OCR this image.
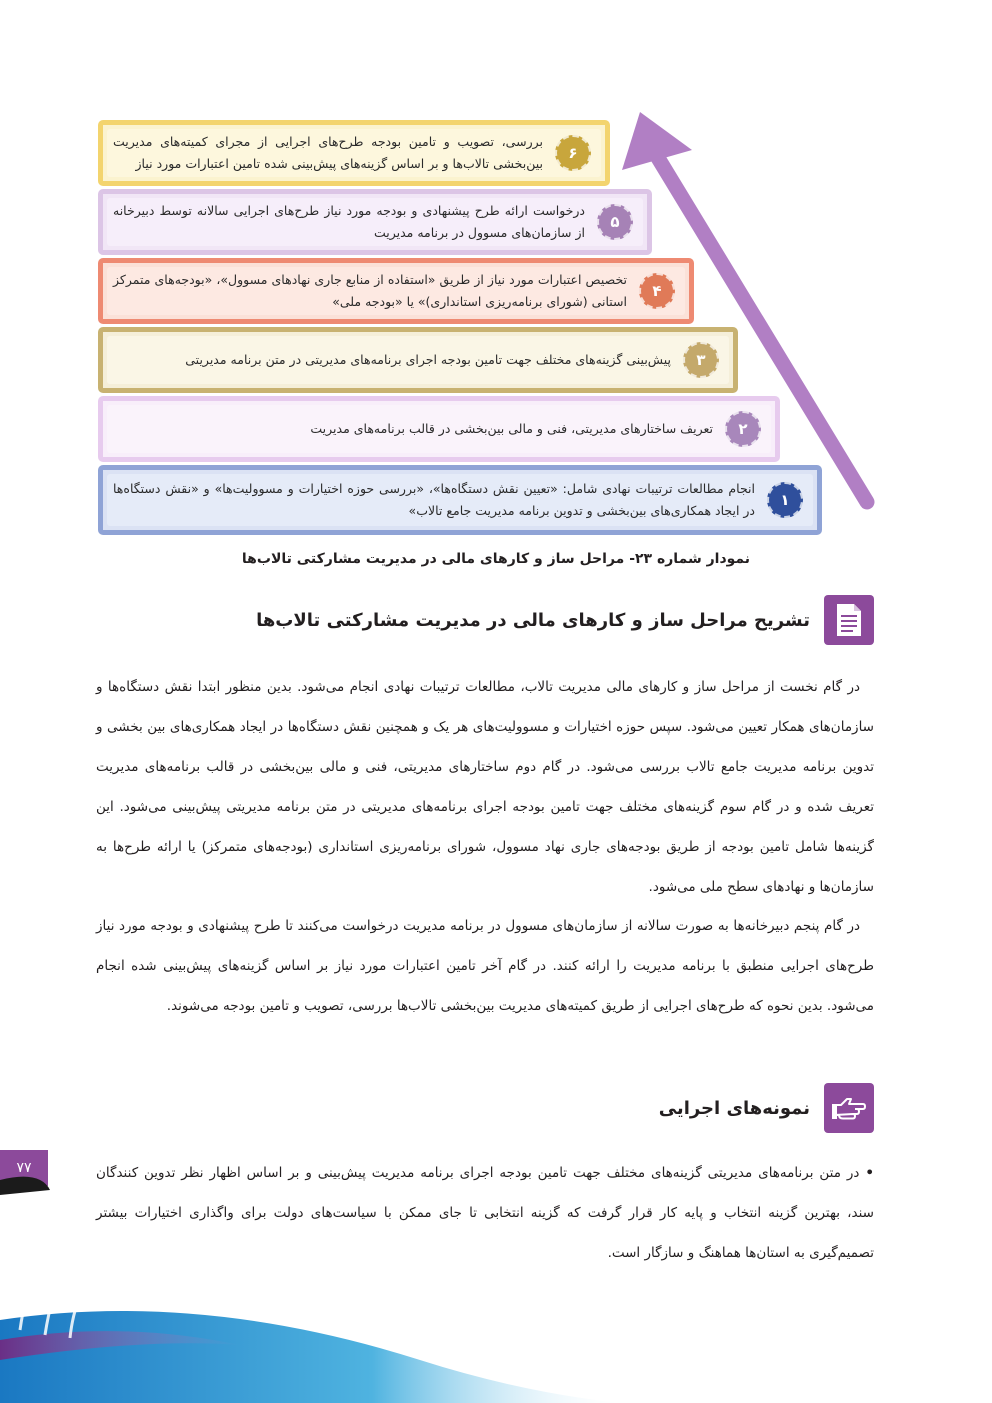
۶
بررسی، تصویب و تامین بودجه طرح‌های اجرایی از مجرای کمیته‌های مدیریت بین‌بخشی تالاب‌ها و بر اساس گزینه‌های پیش‌بینی شده تامین اعتبارات مورد نیاز
۵
درخواست ارائه طرح پیشنهادی و بودجه مورد نیاز طرح‌های اجرایی سالانه توسط دبیرخانه از سازمان‌های مسوول در برنامه مدیریت
۴
تخصیص اعتبارات مورد نیاز از طریق «استفاده از منابع جاری نهادهای مسوول»، «بودجه‌های متمرکز استانی (شورای برنامه‌ریزی استانداری)» یا «بودجه ملی»
۳
پیش‌بینی گزینه‌های مختلف جهت تامین بودجه اجرای برنامه‌های مدیریتی در متن برنامه مدیریتی
۲
تعریف ساختارهای مدیریتی، فنی و مالی بین‌بخشی در قالب برنامه‌های مدیریت
۱
انجام مطالعات ترتیبات نهادی شامل: «تعیین نقش دستگاه‌ها»، «بررسی حوزه اختیارات و مسوولیت‌ها» و «نقش دستگاه‌ها در ایجاد همکاری‌های بین‌بخشی و تدوین برنامه مدیریت جامع تالاب»
نمودار شماره ۲۳- مراحل ساز و کارهای مالی در مدیریت مشارکتی تالاب‌ها
تشریح مراحل ساز و کارهای مالی در مدیریت مشارکتی تالاب‌ها
در گام نخست از مراحل ساز و کارهای مالی مدیریت تالاب، مطالعات ترتیبات نهادی انجام می‌شود. بدین منظور ابتدا نقش دستگاه‌ها و سازمان‌های همکار تعیین می‌شود. سپس حوزه اختیارات و مسوولیت‌های هر یک و همچنین نقش دستگاه‌ها در ایجاد همکاری‌های بین بخشی و تدوین برنامه مدیریت جامع تالاب بررسی می‌شود. در گام دوم ساختارهای مدیریتی، فنی و مالی بین‌بخشی در قالب برنامه‌های مدیریت تعریف شده و در گام سوم گزینه‌های مختلف جهت تامین بودجه اجرای برنامه‌های مدیریتی در متن برنامه مدیریتی پیش‌بینی می‌شود. این گزینه‌ها شامل تامین بودجه از طریق بودجه‌های جاری نهاد مسوول، شورای برنامه‌ریزی استانداری (بودجه‌های متمرکز) یا ارائه طرح‌ها به سازمان‌ها و نهادهای سطح ملی می‌شود.
در گام پنجم دبیرخانه‌ها به صورت سالانه از سازمان‌های مسوول در برنامه مدیریت درخواست می‌کنند تا طرح پیشنهادی و بودجه مورد نیاز طرح‌های اجرایی منطبق با برنامه مدیریت را ارائه کنند. در گام آخر تامین اعتبارات مورد نیاز بر اساس گزینه‌های پیش‌بینی شده انجام می‌شود. بدین نحوه که طرح‌های اجرایی از طریق کمیته‌های مدیریت بین‌بخشی تالاب‌ها بررسی، تصویب و تامین بودجه می‌شوند.
نمونه‌های اجرایی
•در متن برنامه‌های مدیریتی گزینه‌های مختلف جهت تامین بودجه اجرای برنامه مدیریت پیش‌بینی و بر اساس اظهار نظر تدوین کنندگان سند، بهترین گزینه انتخاب و پایه کار قرار گرفت که گزینه انتخابی تا جای ممکن با سیاست‌های دولت برای واگذاری اختیارات بیشتر تصمیم‌گیری به استان‌ها هماهنگ و سازگار است.
۷۷
